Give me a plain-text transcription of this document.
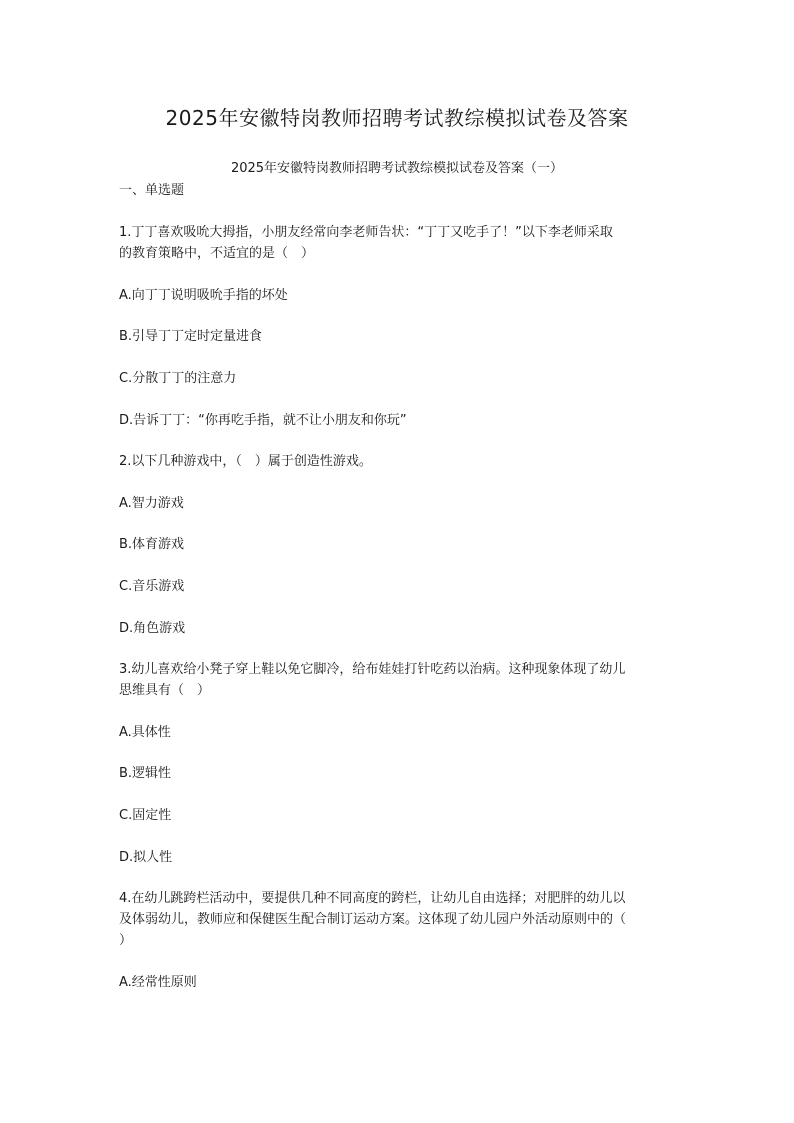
2025年安徽特岗教师招聘考试教综模拟试卷及答案
2025年安徽特岗教师招聘考试教综模拟试卷及答案（一）
一、单选题
1.丁丁喜欢吸吮大拇指，小朋友经常向李老师告状：“丁丁又吃手了！”以下李老师采取
的教育策略中，不适宜的是（　）
A.向丁丁说明吸吮手指的坏处
B.引导丁丁定时定量进食
C.分散丁丁的注意力
D.告诉丁丁：“你再吃手指，就不让小朋友和你玩”
2.以下几种游戏中，（　）属于创造性游戏。
A.智力游戏
B.体育游戏
C.音乐游戏
D.角色游戏
3.幼儿喜欢给小凳子穿上鞋以免它脚冷，给布娃娃打针吃药以治病。这种现象体现了幼儿
思维具有（　）
A.具体性
B.逻辑性
C.固定性
D.拟人性
4.在幼儿跳跨栏活动中，要提供几种不同高度的跨栏，让幼儿自由选择；对肥胖的幼儿以
及体弱幼儿，教师应和保健医生配合制订运动方案。这体现了幼儿园户外活动原则中的（
）
A.经常性原则
